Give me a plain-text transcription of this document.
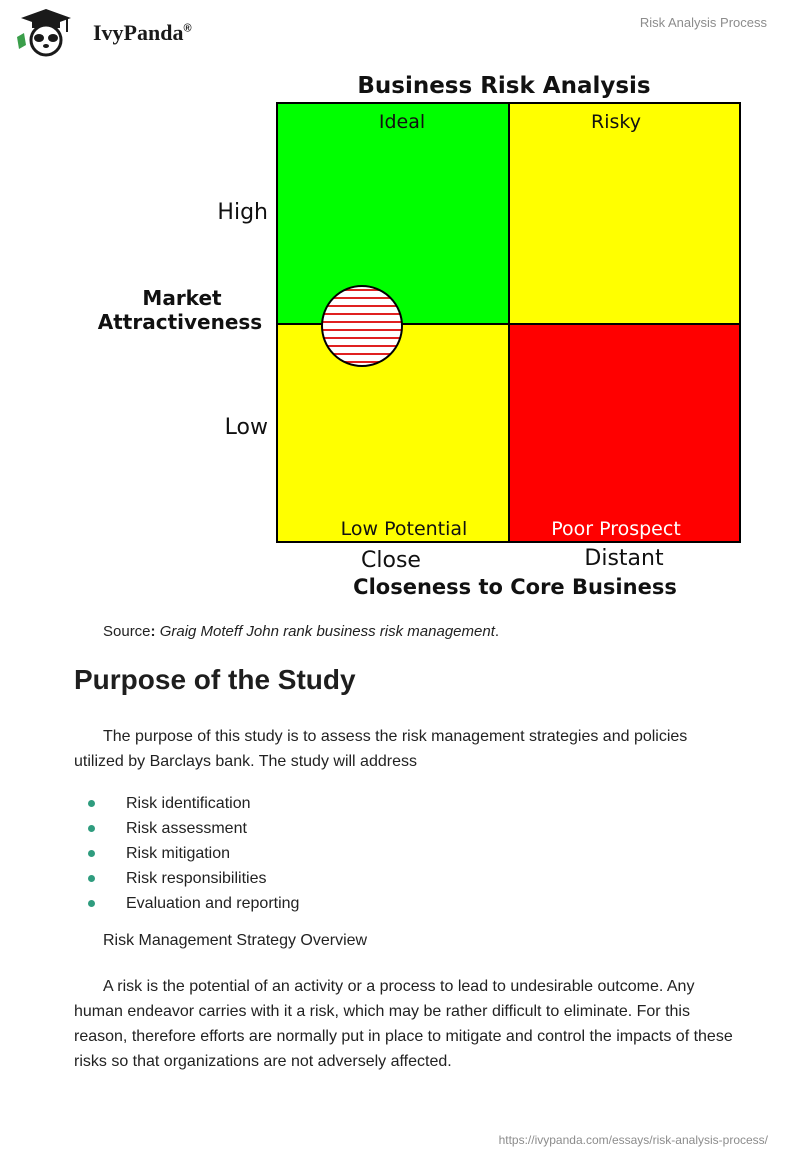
IvyPanda®	Risk Analysis Process
Business Risk Analysis
Ideal	Risky
Low Potential	Poor Prospect
High
Low
Market
Attractiveness
Close	Distant
Closeness to Core Business
Source: Graig Moteff John rank business risk management.
Purpose of the Study

The purpose of this study is to assess the risk management strategies and policies utilized by Barclays bank. The study will address

Risk identification
Risk assessment
Risk mitigation
Risk responsibilities
Evaluation and reporting
Risk Management Strategy Overview

A risk is the potential of an activity or a process to lead to undesirable outcome. Any human endeavor carries with it a risk, which may be rather difficult to eliminate. For this reason, therefore efforts are normally put in place to mitigate and control the impacts of these risks so that organizations are not adversely affected.

https://ivypanda.com/essays/risk-analysis-process/
